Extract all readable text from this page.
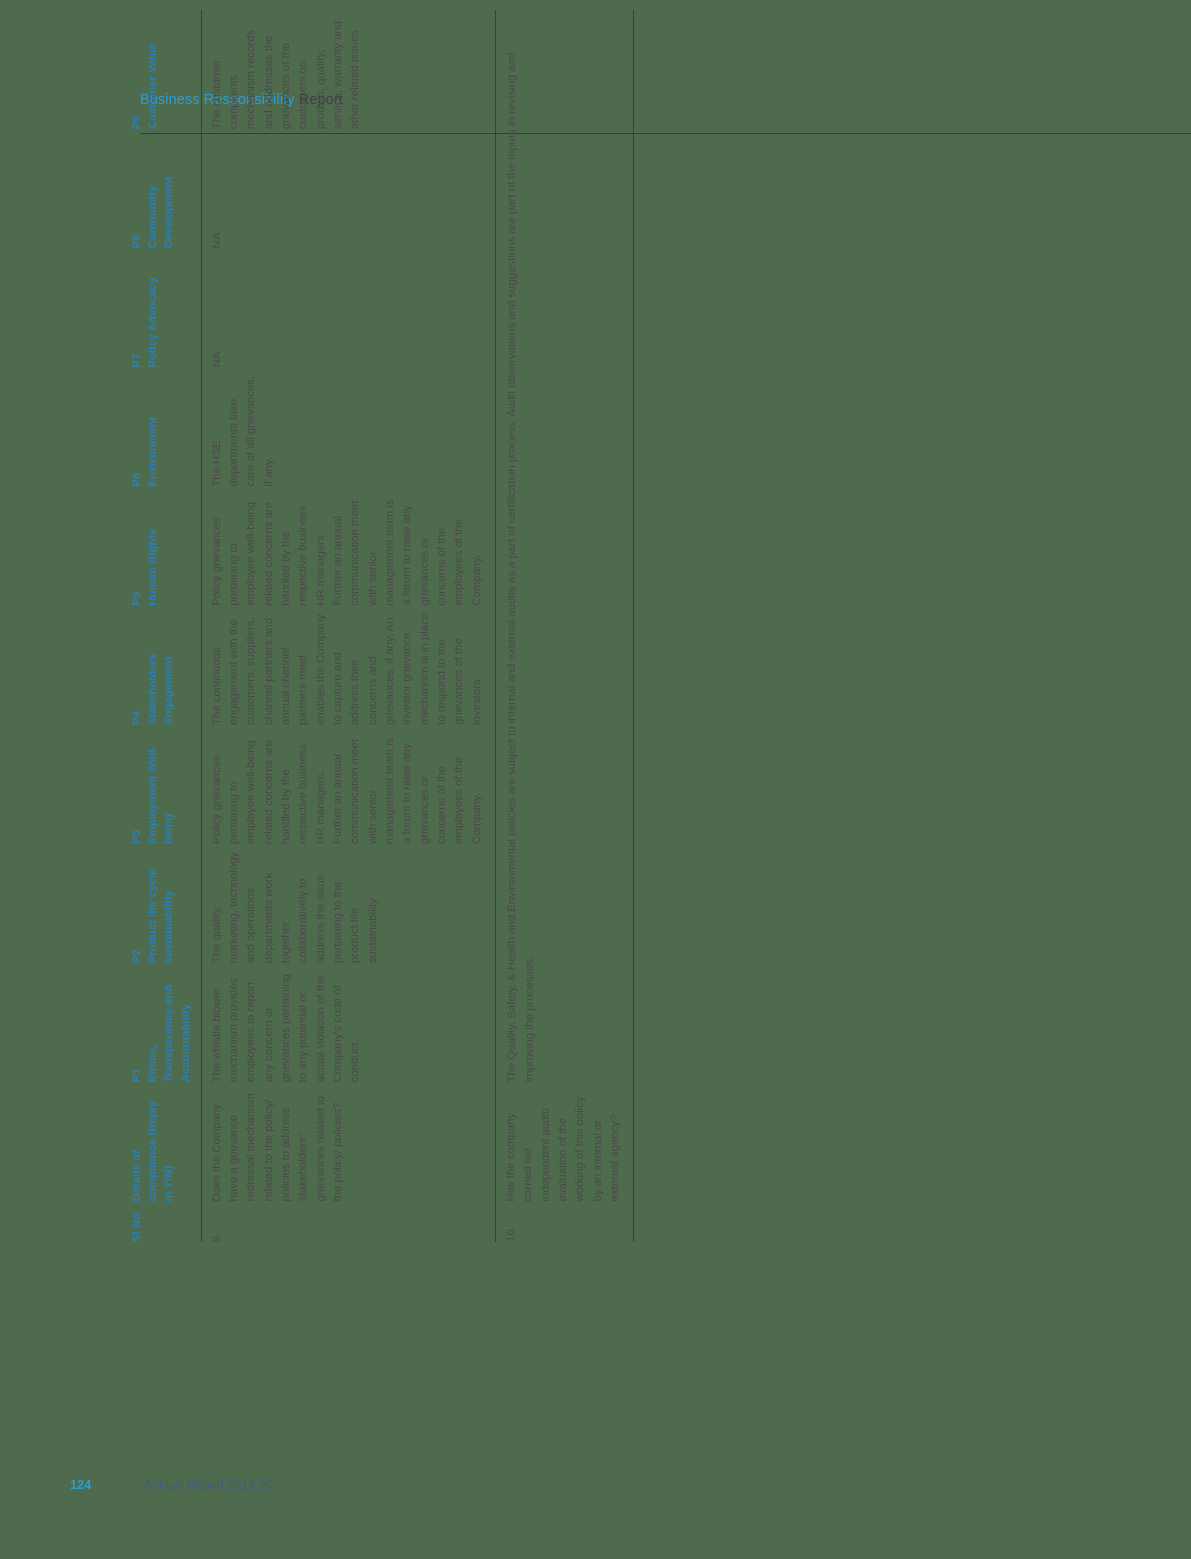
Business Responsibility Report
Sl No.	Details of compliance (Reply in Y/N)	P1 Ethics, Transparency and Accountability	P2 Product life cycle sustainability	P3 Employment Well-being	P4 Stakeholders Engagement	P5 Human Rights	P6 Environment	P7 Policy Advocacy	P8 Community Development	P9 Customer Value
9.	Does the Company have a grievance redressal mechanism related to the policy/ policies to address stakeholders' grievances related to the policy/ policies?	The whistle blower mechanism provides employees to report any concern or grievances pertaining to any potential or actual violation of the Company's code of conduct.	The quality, marketing, technology and operations departments work together collaboratively to address the issue pertaining to the product life sustainability	Policy grievances pertaining to employee well-being related concerns are handled by the respective business HR managers. Further an annual communication meet with senior management team is a forum to raise any grievances or concerns of the employees of the Company.	The continuous engagement with the customers, suppliers, channel partners and annual channel partners meet enables the Company to capture and address their concerns and grievances, if any. An investor grievance mechanism is in place to respond to the grievances of the investors.	Policy grievances pertaining to employee well-being related concerns are handled by the respective business HR managers. Further an annual communication meet with senior management team is a forum to raise any grievances or concerns of the employees of the Company.	The HSE departments take care of all grievances, if any.	NA	NA	The customer complaints mechanism records and addresses the grievances of the customers on product, quality, service, warranty and other related issues
10.	Has the company carried out independent audit/ evaluation of the working of this policy by an internal or external agency?	The Quality, Safety, & Health and Environmental policies are subject to internal and external audits as a part of certification process. Audit observations and suggestions are part of the inputs in revising and improving the processes.								
124	Annual Report 2019-20
